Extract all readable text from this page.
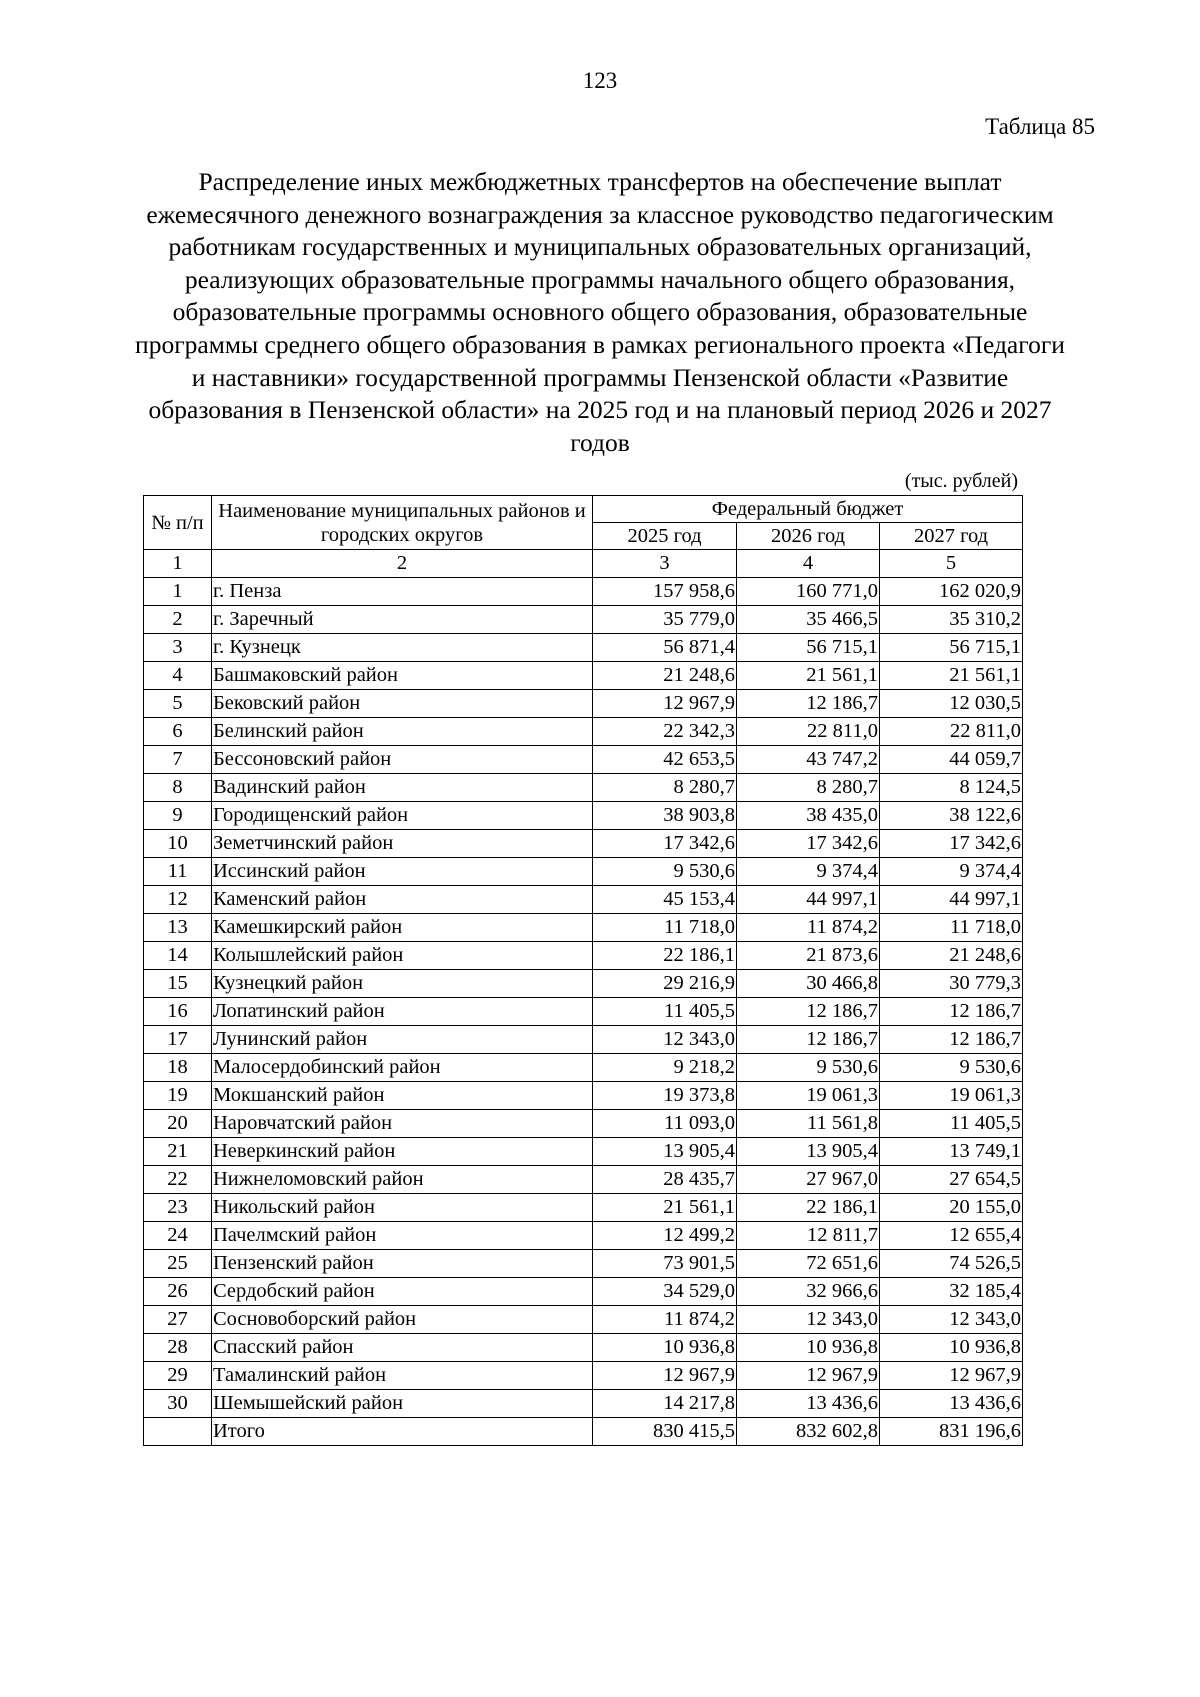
123
Таблица 85
Распределение иных межбюджетных трансфертов на обеспечение выплат ежемесячного денежного вознаграждения за классное руководство педагогическим работникам государственных и муниципальных образовательных организаций, реализующих образовательные программы начального общего образования, образовательные программы основного общего образования, образовательные программы среднего общего образования в рамках регионального проекта «Педагоги и наставники» государственной программы Пензенской области «Развитие образования в Пензенской области» на 2025 год и на плановый период 2026 и 2027 годов
(тыс. рублей)
№ п/п	Наименование муниципальных районов и городских округов	Федеральный бюджет		
		2025 год	2026 год	2027 год
1	2	3	4	5
1	г. Пенза	157 958,6	160 771,0	162 020,9
2	г. Заречный	35 779,0	35 466,5	35 310,2
3	г. Кузнецк	56 871,4	56 715,1	56 715,1
4	Башмаковский район	21 248,6	21 561,1	21 561,1
5	Бековский район	12 967,9	12 186,7	12 030,5
6	Белинский район	22 342,3	22 811,0	22 811,0
7	Бессоновский район	42 653,5	43 747,2	44 059,7
8	Вадинский район	8 280,7	8 280,7	8 124,5
9	Городищенский район	38 903,8	38 435,0	38 122,6
10	Земетчинский район	17 342,6	17 342,6	17 342,6
11	Иссинский район	9 530,6	9 374,4	9 374,4
12	Каменский район	45 153,4	44 997,1	44 997,1
13	Камешкирский район	11 718,0	11 874,2	11 718,0
14	Колышлейский район	22 186,1	21 873,6	21 248,6
15	Кузнецкий район	29 216,9	30 466,8	30 779,3
16	Лопатинский район	11 405,5	12 186,7	12 186,7
17	Лунинский район	12 343,0	12 186,7	12 186,7
18	Малосердобинский район	9 218,2	9 530,6	9 530,6
19	Мокшанский район	19 373,8	19 061,3	19 061,3
20	Наровчатский район	11 093,0	11 561,8	11 405,5
21	Неверкинский район	13 905,4	13 905,4	13 749,1
22	Нижнеломовский район	28 435,7	27 967,0	27 654,5
23	Никольский район	21 561,1	22 186,1	20 155,0
24	Пачелмский район	12 499,2	12 811,7	12 655,4
25	Пензенский район	73 901,5	72 651,6	74 526,5
26	Сердобский район	34 529,0	32 966,6	32 185,4
27	Сосновоборский район	11 874,2	12 343,0	12 343,0
28	Спасский район	10 936,8	10 936,8	10 936,8
29	Тамалинский район	12 967,9	12 967,9	12 967,9
30	Шемышейский район	14 217,8	13 436,6	13 436,6
	Итого	830 415,5	832 602,8	831 196,6
